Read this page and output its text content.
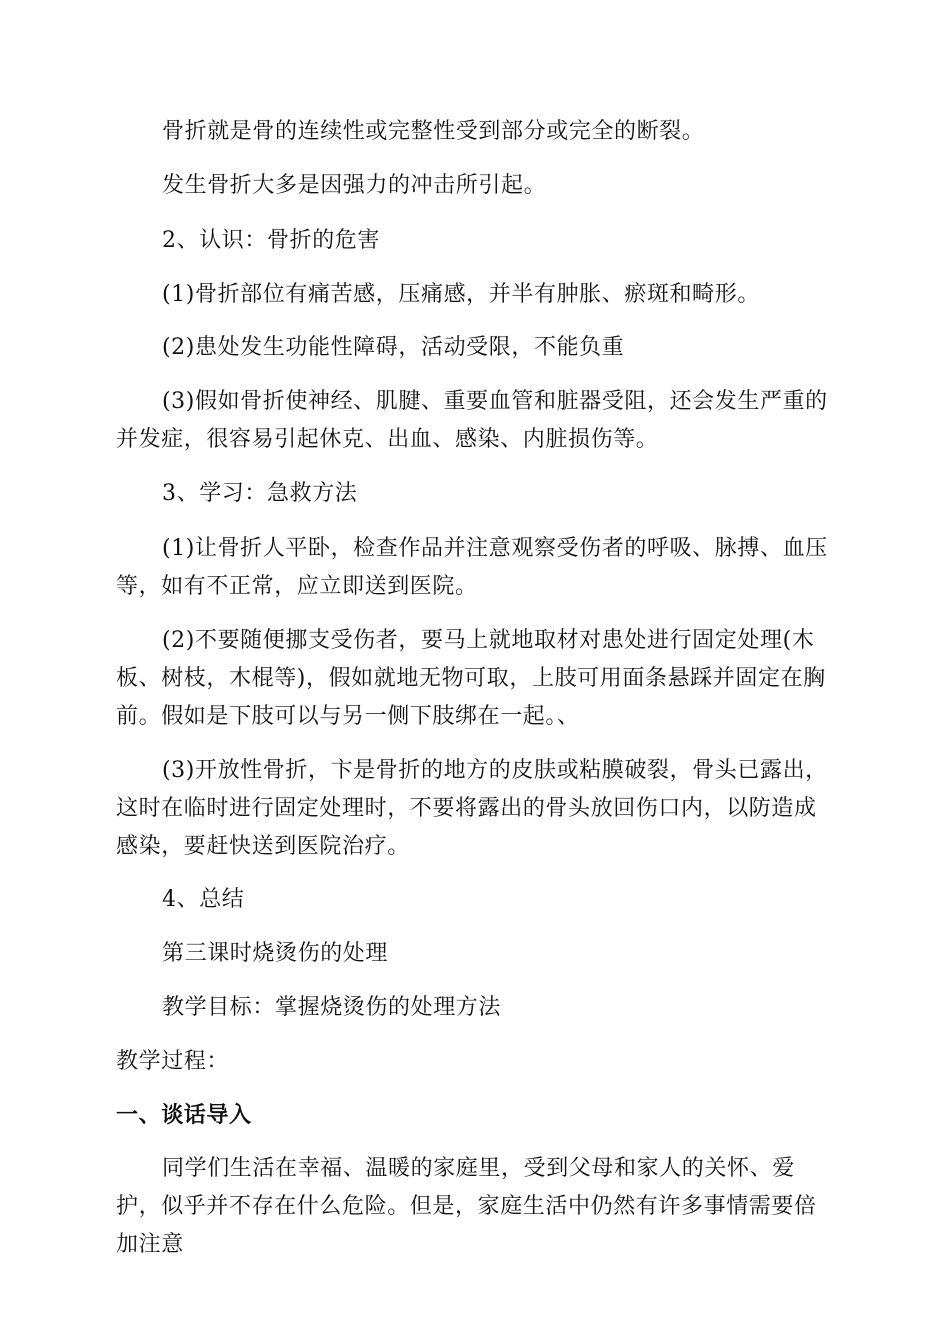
骨折就是骨的连续性或完整性受到部分或完全的断裂。

发生骨折大多是因强力的冲击所引起。

2、认识：骨折的危害

(1)骨折部位有痛苦感，压痛感，并半有肿胀、瘀斑和畸形。

(2)患处发生功能性障碍，活动受限，不能负重

(3)假如骨折使神经、肌腱、重要血管和脏器受阻，还会发生严重的并发症，很容易引起休克、出血、感染、内脏损伤等。

3、学习：急救方法

(1)让骨折人平卧，检查作品并注意观察受伤者的呼吸、脉搏、血压等，如有不正常，应立即送到医院。

(2)不要随便挪支受伤者，要马上就地取材对患处进行固定处理(木板、树枝，木棍等)，假如就地无物可取，上肢可用面条悬踩并固定在胸前。假如是下肢可以与另一侧下肢绑在一起。、

(3)开放性骨折，卞是骨折的地方的皮肤或粘膜破裂，骨头已露出，这时在临时进行固定处理时，不要将露出的骨头放回伤口内，以防造成感染，要赶快送到医院治疗。

4、总结

第三课时烧烫伤的处理

教学目标：掌握烧烫伤的处理方法

教学过程：

一、谈话导入

同学们生活在幸福、温暖的家庭里，受到父母和家人的关怀、爱护，似乎并不存在什么危险。但是，家庭生活中仍然有许多事情需要倍加注意
